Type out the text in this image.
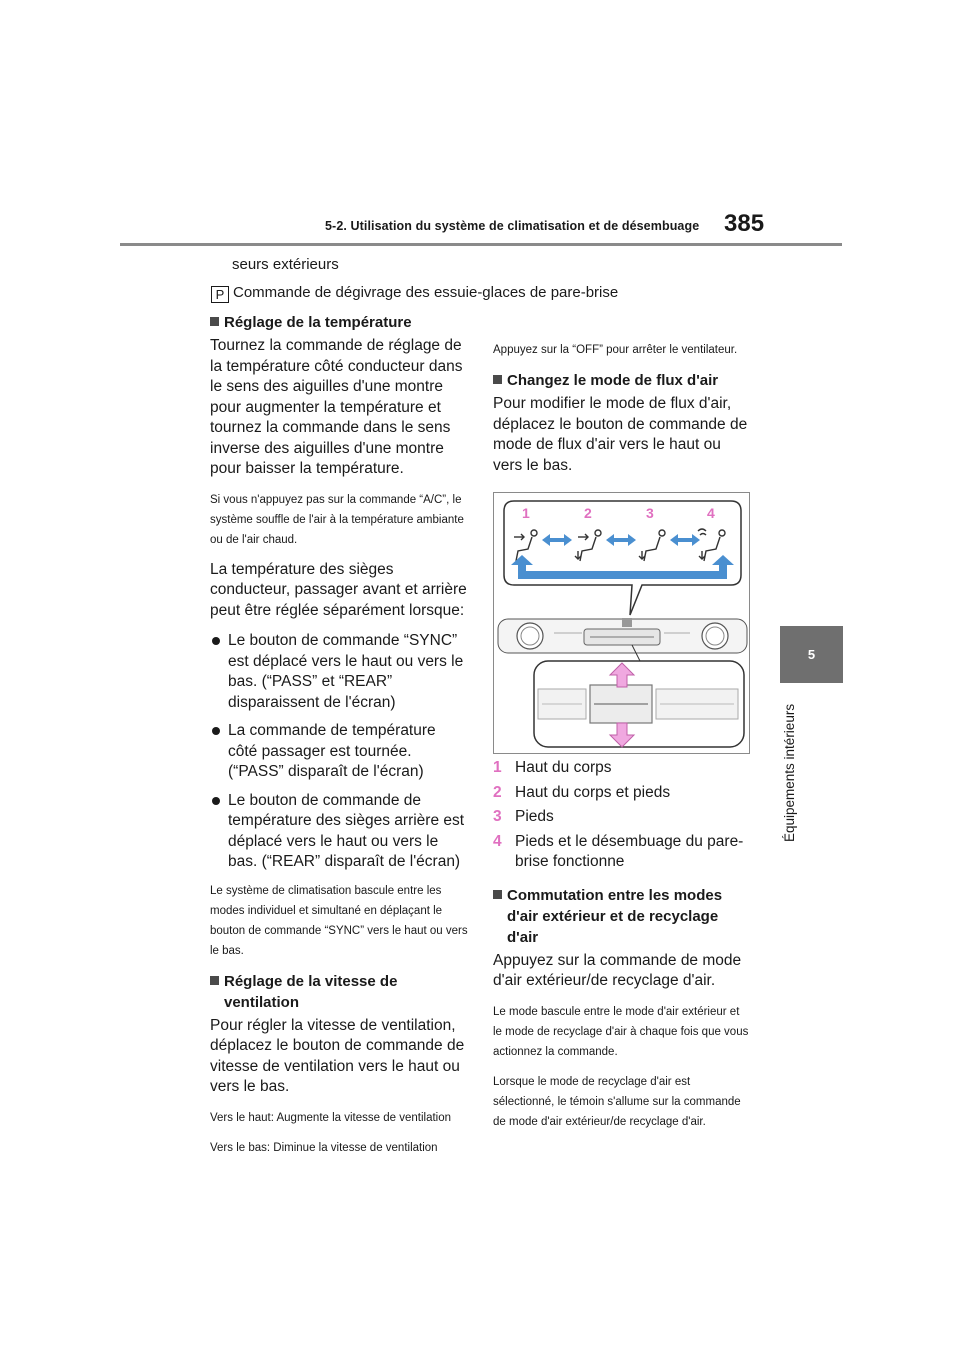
5-2. Utilisation du système de climatisation et de désembuage 385
5
Équipements intérieurs
seurs extérieurs
P Commande de dégivrage des essuie-glaces de pare-brise
Réglage de la température
Tournez la commande de réglage de la température côté conducteur dans le sens des aiguilles d'une montre pour augmenter la température et tournez la commande dans le sens inverse des aiguilles d'une montre pour baisser la température.
Si vous n'appuyez pas sur la commande “A/C”, le système souffle de l'air à la température ambiante ou de l'air chaud.
La température des sièges conducteur, passager avant et arrière peut être réglée séparément lorsque:
Le bouton de commande “SYNC” est déplacé vers le haut ou vers le bas. (“PASS” et “REAR” disparaissent de l'écran)
La commande de température côté passager est tournée. (“PASS” disparaît de l'écran)
Le bouton de commande de température des sièges arrière est déplacé vers le haut ou vers le bas. (“REAR” disparaît de l'écran)
Le système de climatisation bascule entre les modes individuel et simultané en déplaçant le bouton de commande “SYNC” vers le haut ou vers le bas.
Réglage de la vitesse de ventilation
Pour régler la vitesse de ventilation, déplacez le bouton de commande de vitesse de ventilation vers le haut ou vers le bas.
Vers le haut: Augmente la vitesse de ventilation
Vers le bas: Diminue la vitesse de ventilation
Appuyez sur la “OFF” pour arrêter le ventilateur.
Changez le mode de flux d'air
Pour modifier le mode de flux d'air, déplacez le bouton de commande de mode de flux d'air vers le haut ou vers le bas.
1	2	3	4
1 Haut du corps
2 Haut du corps et pieds
3 Pieds
4 Pieds et le désembuage du pare-brise fonctionne
Commutation entre les modes d'air extérieur et de recyclage d'air
Appuyez sur la commande de mode d'air extérieur/de recyclage d'air.
Le mode bascule entre le mode d'air extérieur et le mode de recyclage d'air à chaque fois que vous actionnez la commande.
Lorsque le mode de recyclage d'air est sélectionné, le témoin s'allume sur la commande de mode d'air extérieur/de recyclage d'air.
